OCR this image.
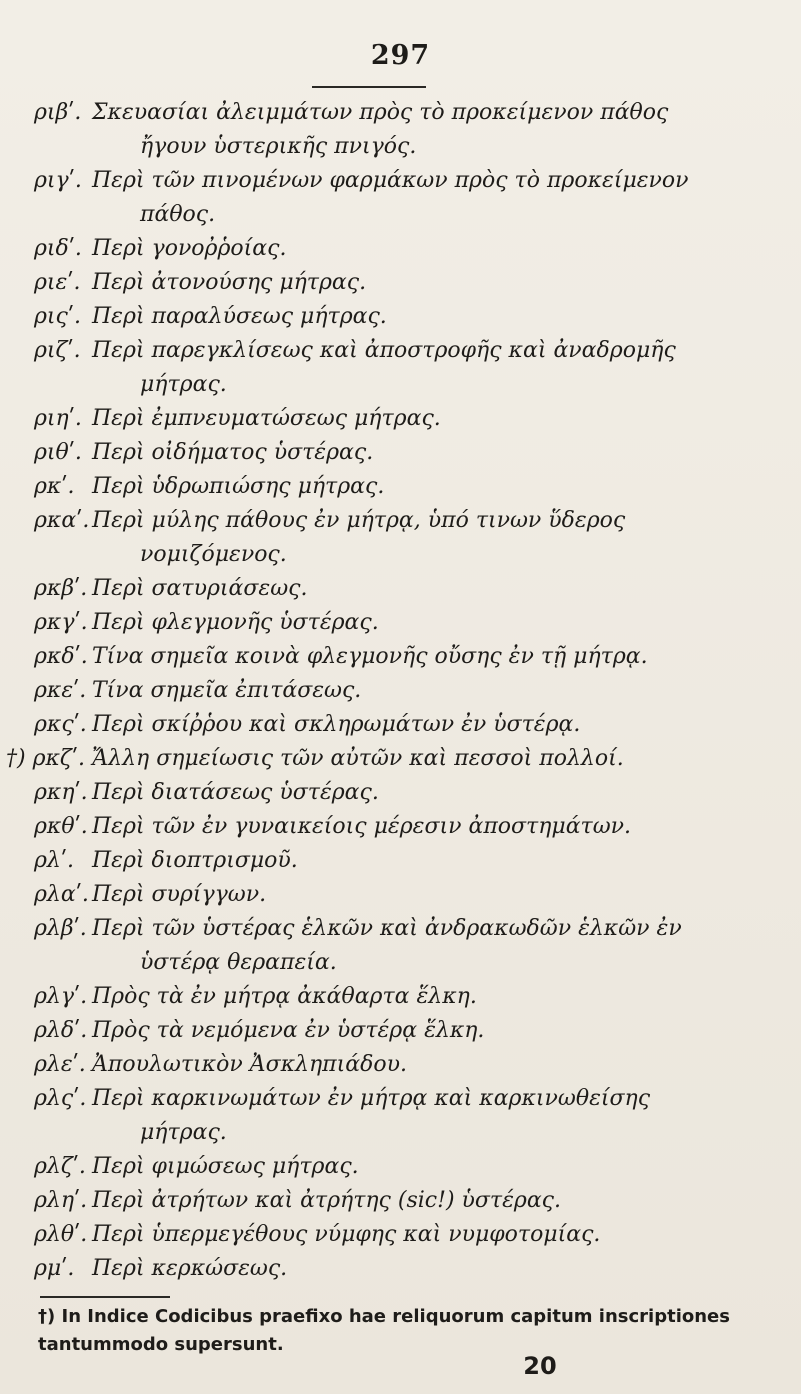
297
ριβʹ. Σκευασίαι ἀλειμμάτων πρὸς τὸ προκείμενον πάθος
ἤγουν ὑστερικῆς πνιγός.
ριγʹ. Περὶ τῶν πινομένων φαρμάκων πρὸς τὸ προκείμενον
πάθος.
ριδʹ. Περὶ γονοῤῥοίας.
ριεʹ. Περὶ ἀτονούσης μήτρας.
ριςʹ. Περὶ παραλύσεως μήτρας.
ριζʹ. Περὶ παρεγκλίσεως καὶ ἀποστροφῆς καὶ ἀναδρομῆς
μήτρας.
ριηʹ. Περὶ ἐμπνευματώσεως μήτρας.
ριθʹ. Περὶ οἰδήματος ὑστέρας.
ρκʹ. Περὶ ὑδρωπιώσης μήτρας.
ρκαʹ. Περὶ μύλης πάθους ἐν μήτρᾳ, ὑπό τινων ὕδερος
νομιζόμενος.
ρκβʹ. Περὶ σατυριάσεως.
ρκγʹ. Περὶ φλεγμονῆς ὑστέρας.
ρκδʹ. Τίνα σημεῖα κοινὰ φλεγμονῆς οὔσης ἐν τῇ μήτρᾳ.
ρκεʹ. Τίνα σημεῖα ἐπιτάσεως.
ρκςʹ. Περὶ σκίῤῥου καὶ σκληρωμάτων ἐν ὑστέρᾳ.
†) ρκζʹ. Ἄλλη σημείωσις τῶν αὐτῶν καὶ πεσσοὶ πολλοί.
ρκηʹ. Περὶ διατάσεως ὑστέρας.
ρκθʹ. Περὶ τῶν ἐν γυναικείοις μέρεσιν ἀποστημάτων.
ρλʹ. Περὶ διοπτρισμοῦ.
ρλαʹ. Περὶ συρίγγων.
ρλβʹ. Περὶ τῶν ὑστέρας ἑλκῶν καὶ ἀνδρακωδῶν ἑλκῶν ἐν
ὑστέρᾳ θεραπεία.
ρλγʹ. Πρὸς τὰ ἐν μήτρᾳ ἀκάθαρτα ἕλκη.
ρλδʹ. Πρὸς τὰ νεμόμενα ἐν ὑστέρᾳ ἕλκη.
ρλεʹ. Ἀπουλωτικὸν Ἀσκληπιάδου.
ρλςʹ. Περὶ καρκινωμάτων ἐν μήτρᾳ καὶ καρκινωθείσης
μήτρας.
ρλζʹ. Περὶ φιμώσεως μήτρας.
ρληʹ. Περὶ ἀτρήτων καὶ ἀτρήτης (sic!) ὑστέρας.
ρλθʹ. Περὶ ὑπερμεγέθους νύμφης καὶ νυμφοτομίας.
ρμʹ. Περὶ κερκώσεως.
†) In Indice Codicibus praefixo hae reliquorum capitum inscriptiones tantummodo supersunt.
20
